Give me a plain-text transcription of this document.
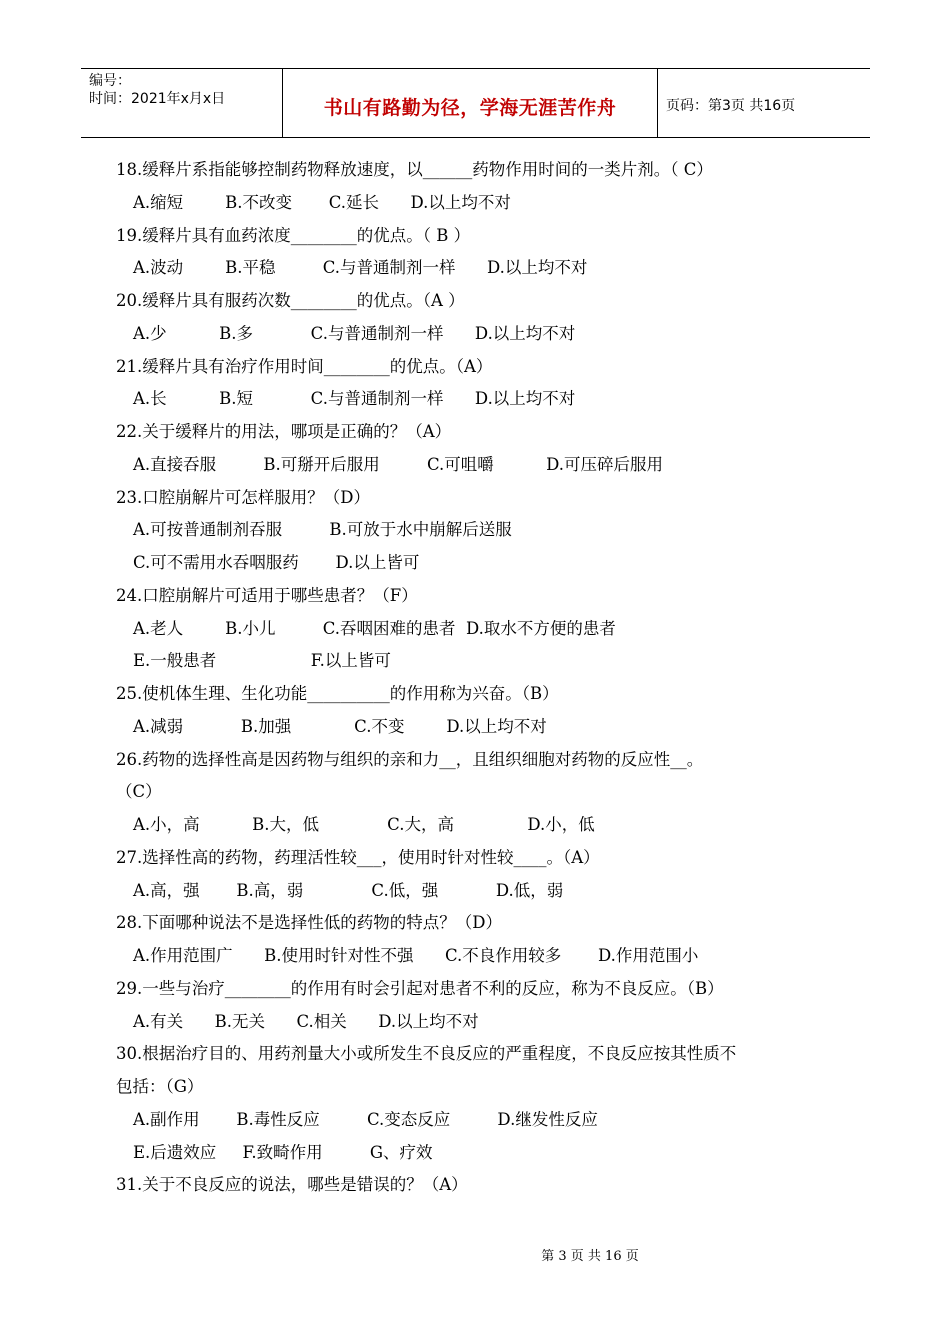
编号：
时间：2021年x月x日	书山有路勤为径，学海无涯苦作舟	页码：第3页 共16页
18.缓释片系指能够控制药物释放速度，以______药物作用时间的一类片剂。（ C）
A.缩短        B.不改变       C.延长      D.以上均不对
19.缓释片具有血药浓度________的优点。（ B ）
A.波动        B.平稳         C.与普通制剂一样      D.以上均不对
20.缓释片具有服药次数________的优点。（A ）
A.少          B.多           C.与普通制剂一样      D.以上均不对
21.缓释片具有治疗作用时间________的优点。（A）
A.长          B.短           C.与普通制剂一样      D.以上均不对
22.关于缓释片的用法，哪项是正确的？（A）
A.直接吞服         B.可掰开后服用         C.可咀嚼          D.可压碎后服用
23.口腔崩解片可怎样服用？（D）
A.可按普通制剂吞服         B.可放于水中崩解后送服
C.可不需用水吞咽服药       D.以上皆可
24.口腔崩解片可适用于哪些患者？（F）
A.老人        B.小儿         C.吞咽困难的患者  D.取水不方便的患者
E.一般患者                  F.以上皆可
25.使机体生理、生化功能__________的作用称为兴奋。（B）
A.减弱           B.加强            C.不变        D.以上均不对
26.药物的选择性高是因药物与组织的亲和力__，且组织细胞对药物的反应性__。
（C）
A.小，高          B.大，低             C.大，高              D.小，低
27.选择性高的药物，药理活性较___，使用时针对性较____。（A）
A.高，强       B.高，弱             C.低，强           D.低，弱
28.下面哪种说法不是选择性低的药物的特点？（D）
A.作用范围广      B.使用时针对性不强      C.不良作用较多       D.作用范围小
29.一些与治疗________的作用有时会引起对患者不利的反应，称为不良反应。（B）
A.有关      B.无关      C.相关      D.以上均不对
30.根据治疗目的、用药剂量大小或所发生不良反应的严重程度，不良反应按其性质不
包括：（G）
A.副作用       B.毒性反应         C.变态反应         D.继发性反应
E.后遗效应     F.致畸作用         G、疗效
31.关于不良反应的说法，哪些是错误的？（A）
第 3 页 共 16 页
